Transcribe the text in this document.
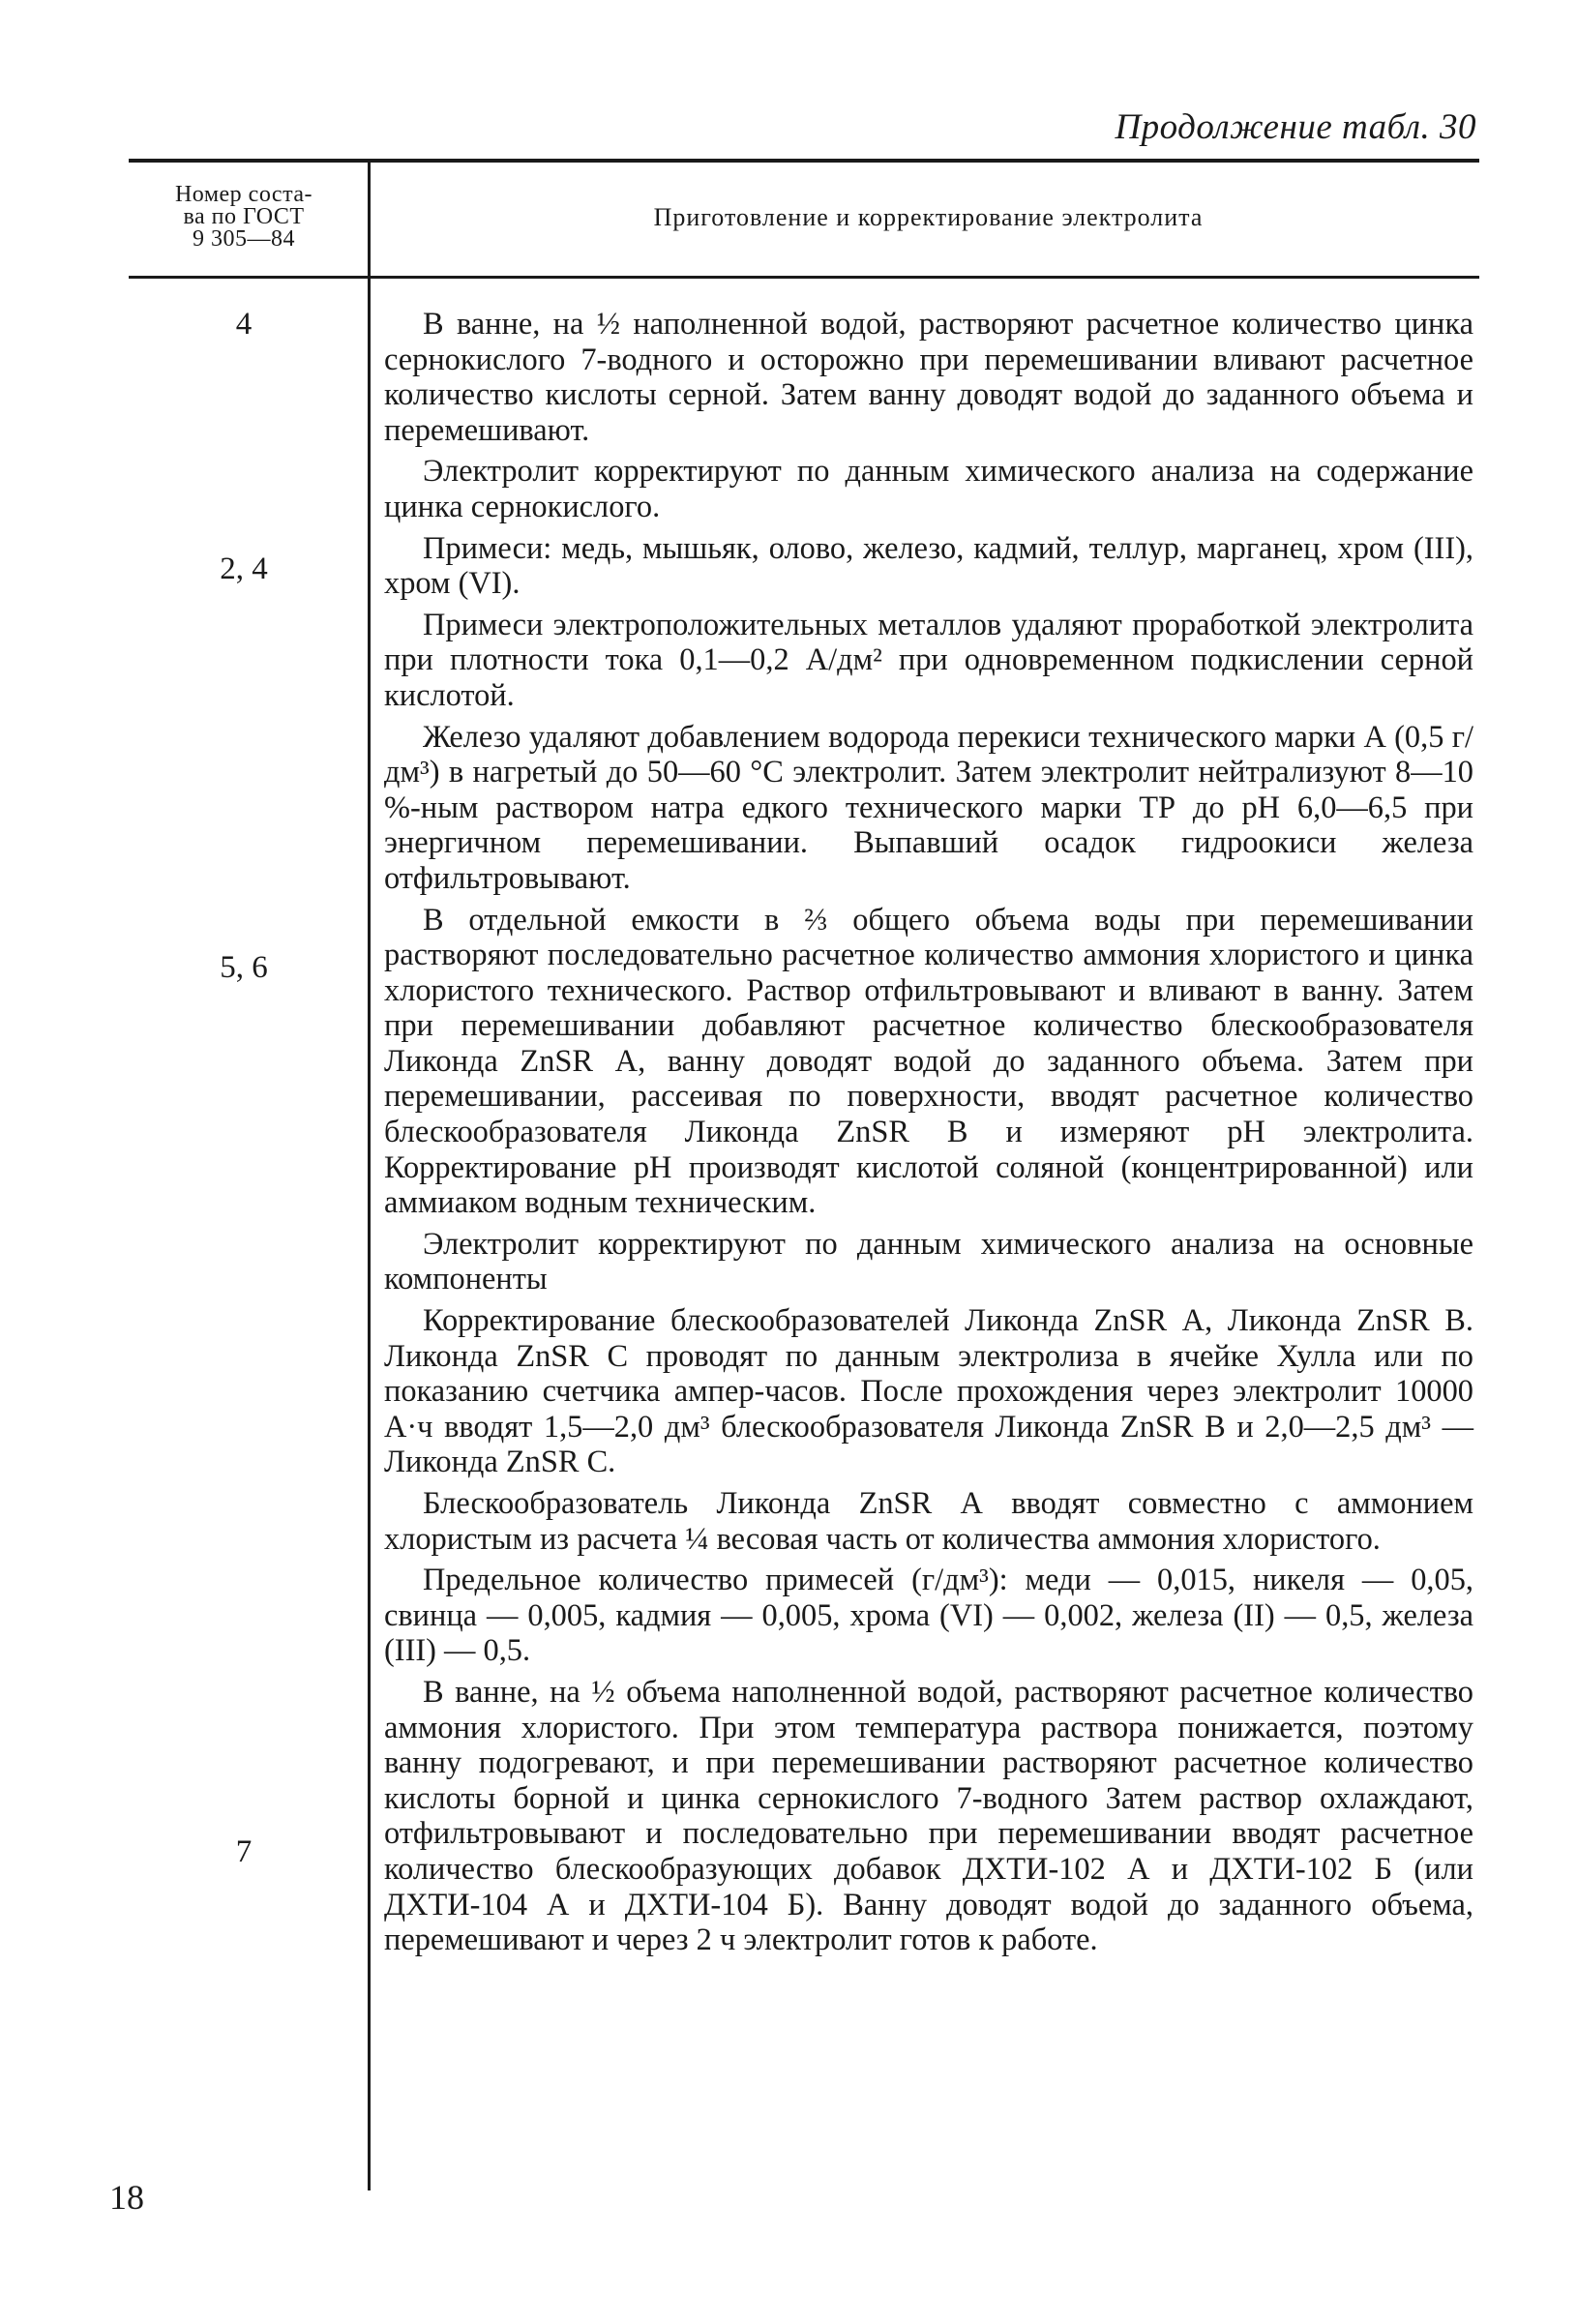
Продолжение табл. 30
Номер соста-
ва по ГОСТ
9 305—84
Приготовление и корректирование электролита
4
2, 4
5, 6
7

В ванне, на ½ наполненной водой, растворяют расчетное количество цинка сернокислого 7-водного и осторожно при перемешивании вливают расчетное количество кислоты серной. Затем ванну доводят водой до заданного объема и перемешивают.

Электролит корректируют по данным химического анализа на содержание цинка сернокислого.

Примеси: медь, мышьяк, олово, железо, кадмий, теллур, марганец, хром (III), хром (VI).

Примеси электроположительных металлов удаляют проработкой электролита при плотности тока 0,1—0,2 А/дм² при одновременном подкислении серной кислотой.

Железо удаляют добавлением водорода перекиси технического марки А (0,5 г/дм³) в нагретый до 50—60 °С электролит. Затем электролит нейтрализуют 8—10 %-ным раствором натра едкого технического марки ТР до рН 6,0—6,5 при энергичном перемешивании. Выпавший осадок гидроокиси железа отфильтровывают.

В отдельной емкости в ⅔ общего объема воды при перемешивании растворяют последовательно расчетное количество аммония хлористого и цинка хлористого технического. Раствор отфильтровывают и вливают в ванну. Затем при перемешивании добавляют расчетное количество блескообразователя Ликонда ZnSR А, ванну доводят водой до заданного объема. Затем при перемешивании, рассеивая по поверхности, вводят расчетное количество блескообразователя Ликонда ZnSR В и измеряют рН электролита. Корректирование рН производят кислотой соляной (концентрированной) или аммиаком водным техническим.

Электролит корректируют по данным химического анализа на основные компоненты

Корректирование блескообразователей Ликонда ZnSR А, Ликонда ZnSR В. Ликонда ZnSR С проводят по данным электролиза в ячейке Хулла или по показанию счетчика ампер-часов. После прохождения через электролит 10000 А·ч вводят 1,5—2,0 дм³ блескообразователя Ликонда ZnSR В и 2,0—2,5 дм³ — Ликонда ZnSR С.

Блескообразователь Ликонда ZnSR А вводят совместно с аммонием хлористым из расчета ¼ весовая часть от количества аммония хлористого.

Предельное количество примесей (г/дм³): меди — 0,015, никеля — 0,05, свинца — 0,005, кадмия — 0,005, хрома (VI) — 0,002, железа (II) — 0,5, железа (III) — 0,5.

В ванне, на ½ объема наполненной водой, растворяют расчетное количество аммония хлористого. При этом температура раствора понижается, поэтому ванну подогревают, и при перемешивании растворяют расчетное количество кислоты борной и цинка сернокислого 7-водного Затем раствор охлаждают, отфильтровывают и последовательно при перемешивании вводят расчетное количество блескообразующих добавок ДХТИ-102 А и ДХТИ-102 Б (или ДХТИ-104 А и ДХТИ-104 Б). Ванну доводят водой до заданного объема, перемешивают и через 2 ч электролит готов к работе.

18
